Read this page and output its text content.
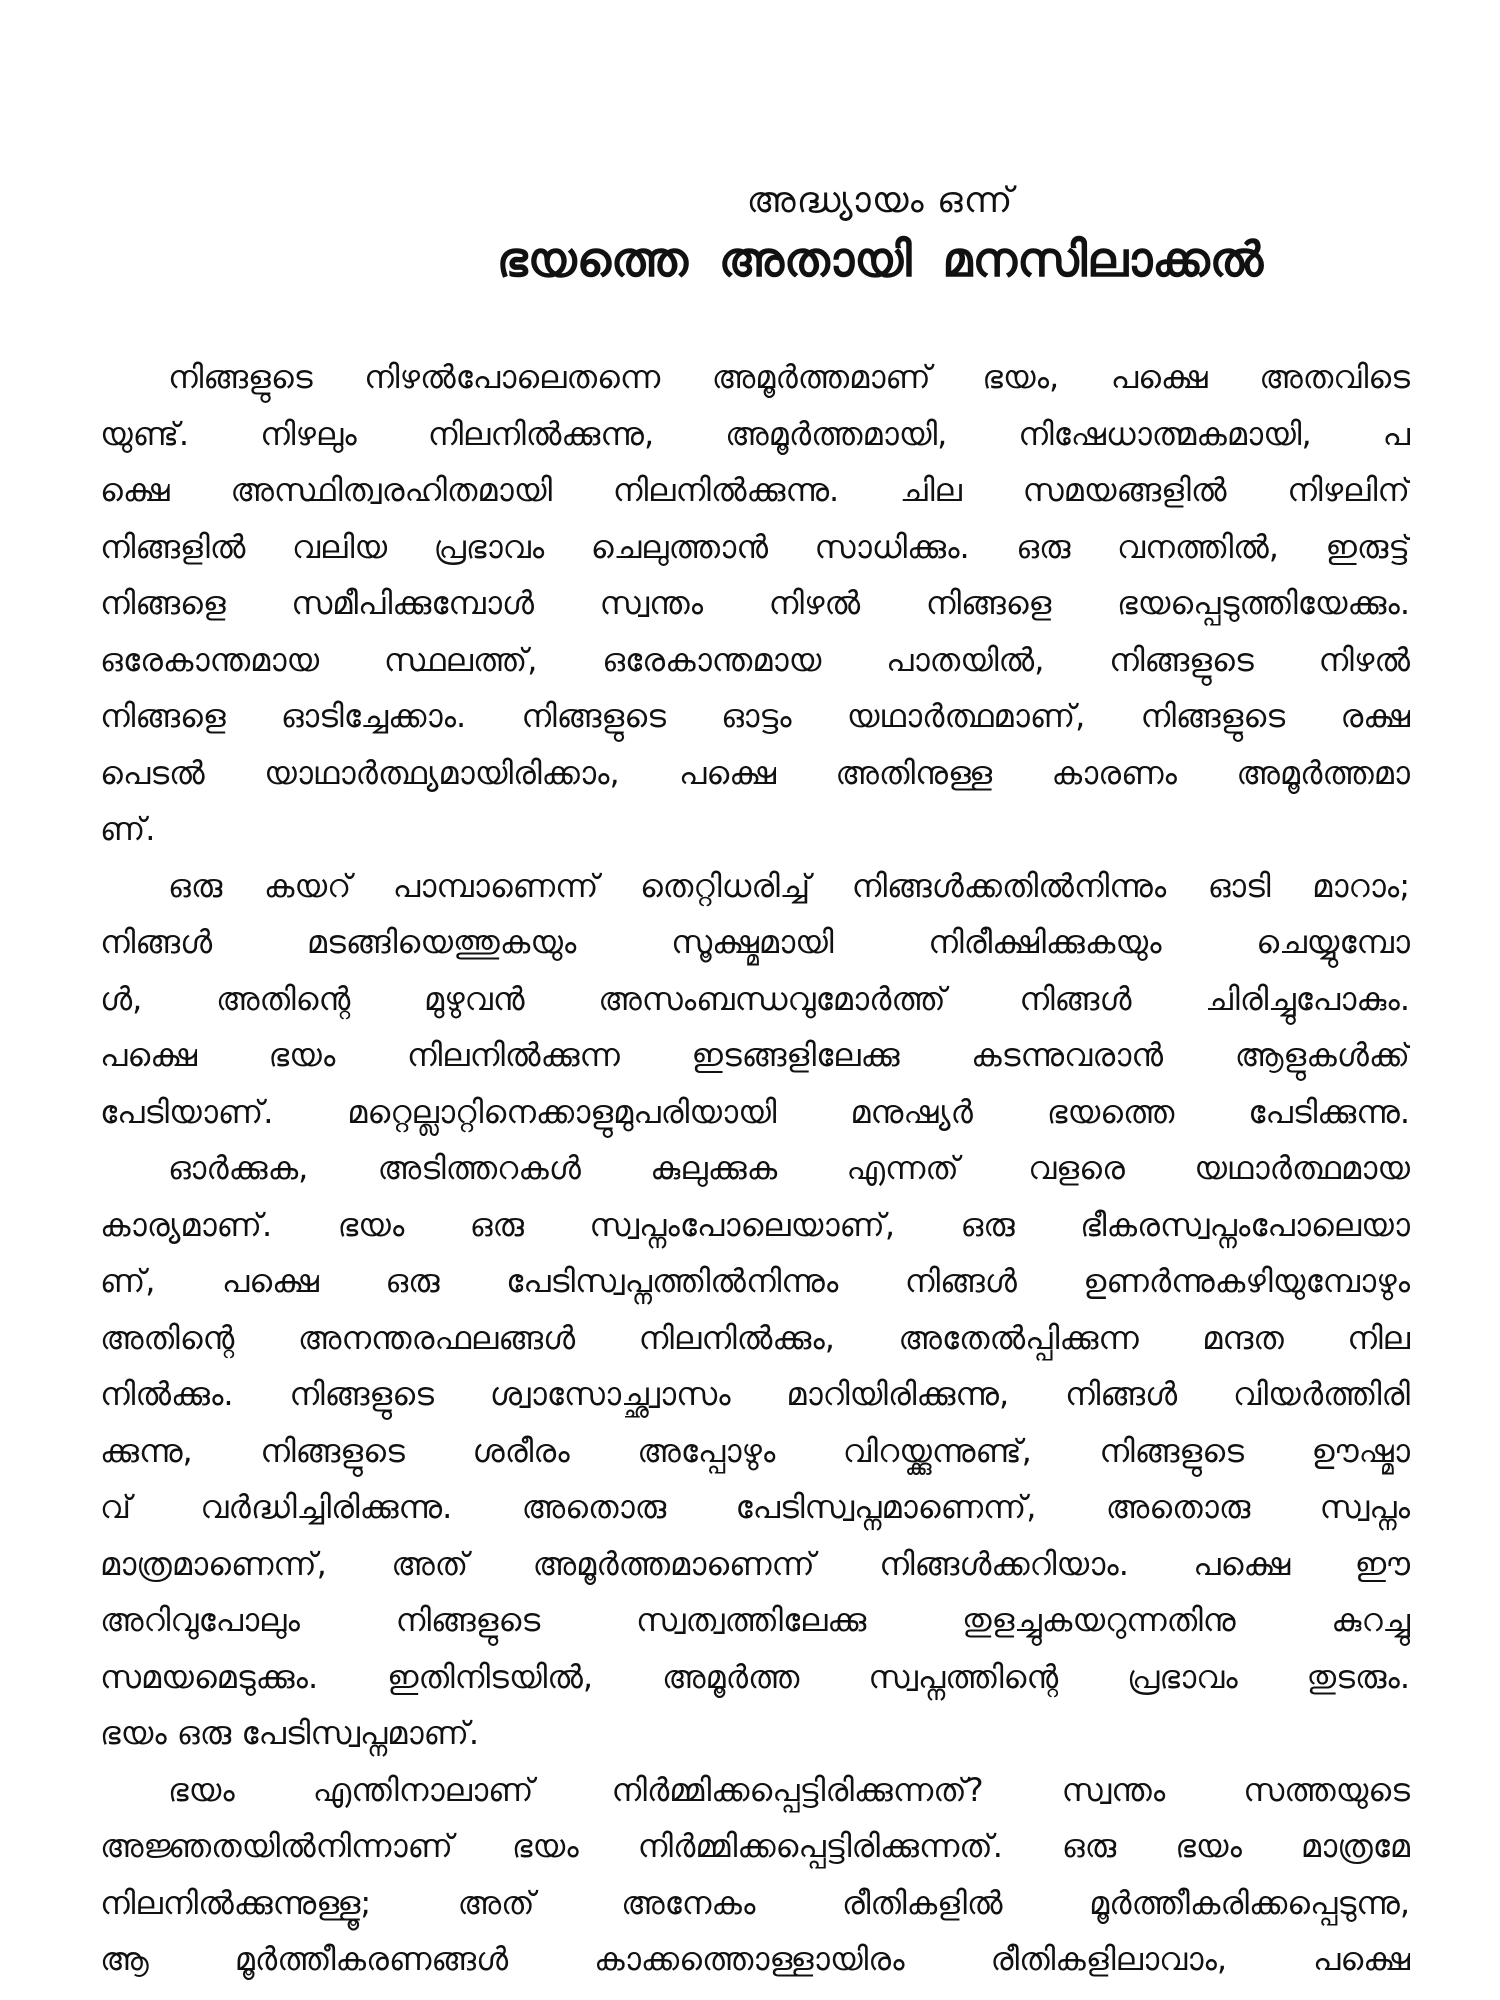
അദ്ധ്യായം ഒന്ന്
ഭയത്തെ അതായി മനസിലാക്കൽ
നിങ്ങളുടെ നിഴൽപോലെതന്നെ അമൂർത്തമാണ് ഭയം, പക്ഷെ അതവിടെ
യുണ്ട്. നിഴലും നിലനിൽക്കുന്നു, അമൂർത്തമായി, നിഷേധാത്മകമായി, പ
ക്ഷെ അസ്ഥിത്വരഹിതമായി നിലനിൽക്കുന്നു. ചില സമയങ്ങളിൽ നിഴലിന്
നിങ്ങളിൽ വലിയ പ്രഭാവം ചെലുത്താൻ സാധിക്കും. ഒരു വനത്തിൽ, ഇരുട്ട്
നിങ്ങളെ സമീപിക്കുമ്പോൾ സ്വന്തം നിഴൽ നിങ്ങളെ ഭയപ്പെടുത്തിയേക്കും.
ഒരേകാന്തമായ സ്ഥലത്ത്, ഒരേകാന്തമായ പാതയിൽ, നിങ്ങളുടെ നിഴൽ
നിങ്ങളെ ഓടിച്ചേക്കാം. നിങ്ങളുടെ ഓട്ടം യഥാർത്ഥമാണ്, നിങ്ങളുടെ രക്ഷ
പെടൽ യാഥാർത്ഥ്യമായിരിക്കാം, പക്ഷെ അതിനുള്ള കാരണം അമൂർത്തമാ
ണ്.
ഒരു കയറ് പാമ്പാണെന്ന് തെറ്റിധരിച്ച് നിങ്ങൾക്കതിൽനിന്നും ഓടി മാറാം;
നിങ്ങൾ മടങ്ങിയെത്തുകയും സൂക്ഷ്മമായി നിരീക്ഷിക്കുകയും ചെയ്യുമ്പോ
ൾ, അതിന്റെ മുഴുവൻ അസംബന്ധവുമോർത്ത് നിങ്ങൾ ചിരിച്ചുപോകും.
പക്ഷെ ഭയം നിലനിൽക്കുന്ന ഇടങ്ങളിലേക്കു കടന്നുവരാൻ ആളുകൾക്ക്
പേടിയാണ്. മറ്റെല്ലാറ്റിനെക്കാളുമുപരിയായി മനുഷ്യർ ഭയത്തെ പേടിക്കുന്നു.
ഓർക്കുക, അടിത്തറകൾ കുലുക്കുക എന്നത് വളരെ യഥാർത്ഥമായ
കാര്യമാണ്. ഭയം ഒരു സ്വപ്നംപോലെയാണ്, ഒരു ഭീകരസ്വപ്നംപോലെയാ
ണ്, പക്ഷെ ഒരു പേടിസ്വപ്നത്തിൽനിന്നും നിങ്ങൾ ഉണർന്നുകഴിയുമ്പോഴും
അതിന്റെ അനന്തരഫലങ്ങൾ നിലനിൽക്കും, അതേൽപ്പിക്കുന്ന മന്ദത നില
നിൽക്കും. നിങ്ങളുടെ ശ്വാസോച്ഛ്വാസം മാറിയിരിക്കുന്നു, നിങ്ങൾ വിയർത്തിരി
ക്കുന്നു, നിങ്ങളുടെ ശരീരം അപ്പോഴും വിറയ്ക്കുന്നുണ്ട്, നിങ്ങളുടെ ഊഷ്മാ
വ് വർദ്ധിച്ചിരിക്കുന്നു. അതൊരു പേടിസ്വപ്നമാണെന്ന്, അതൊരു സ്വപ്നം
മാത്രമാണെന്ന്, അത് അമൂർത്തമാണെന്ന് നിങ്ങൾക്കറിയാം. പക്ഷെ ഈ
അറിവുപോലും നിങ്ങളുടെ സ്വത്വത്തിലേക്കു തുളച്ചുകയറുന്നതിനു കുറച്ചു
സമയമെടുക്കും. ഇതിനിടയിൽ, അമൂർത്ത സ്വപ്നത്തിന്റെ പ്രഭാവം തുടരും.
ഭയം ഒരു പേടിസ്വപ്നമാണ്.
ഭയം എന്തിനാലാണ് നിർമ്മിക്കപ്പെട്ടിരിക്കുന്നത്? സ്വന്തം സത്തയുടെ
അജ്ഞതയിൽനിന്നാണ് ഭയം നിർമ്മിക്കപ്പെട്ടിരിക്കുന്നത്. ഒരു ഭയം മാത്രമേ
നിലനിൽക്കുന്നുള്ളൂ; അത് അനേകം രീതികളിൽ മൂർത്തീകരിക്കപ്പെടുന്നു,
ആ മൂർത്തീകരണങ്ങൾ കാക്കത്തൊള്ളായിരം രീതികളിലാവാം, പക്ഷെ
